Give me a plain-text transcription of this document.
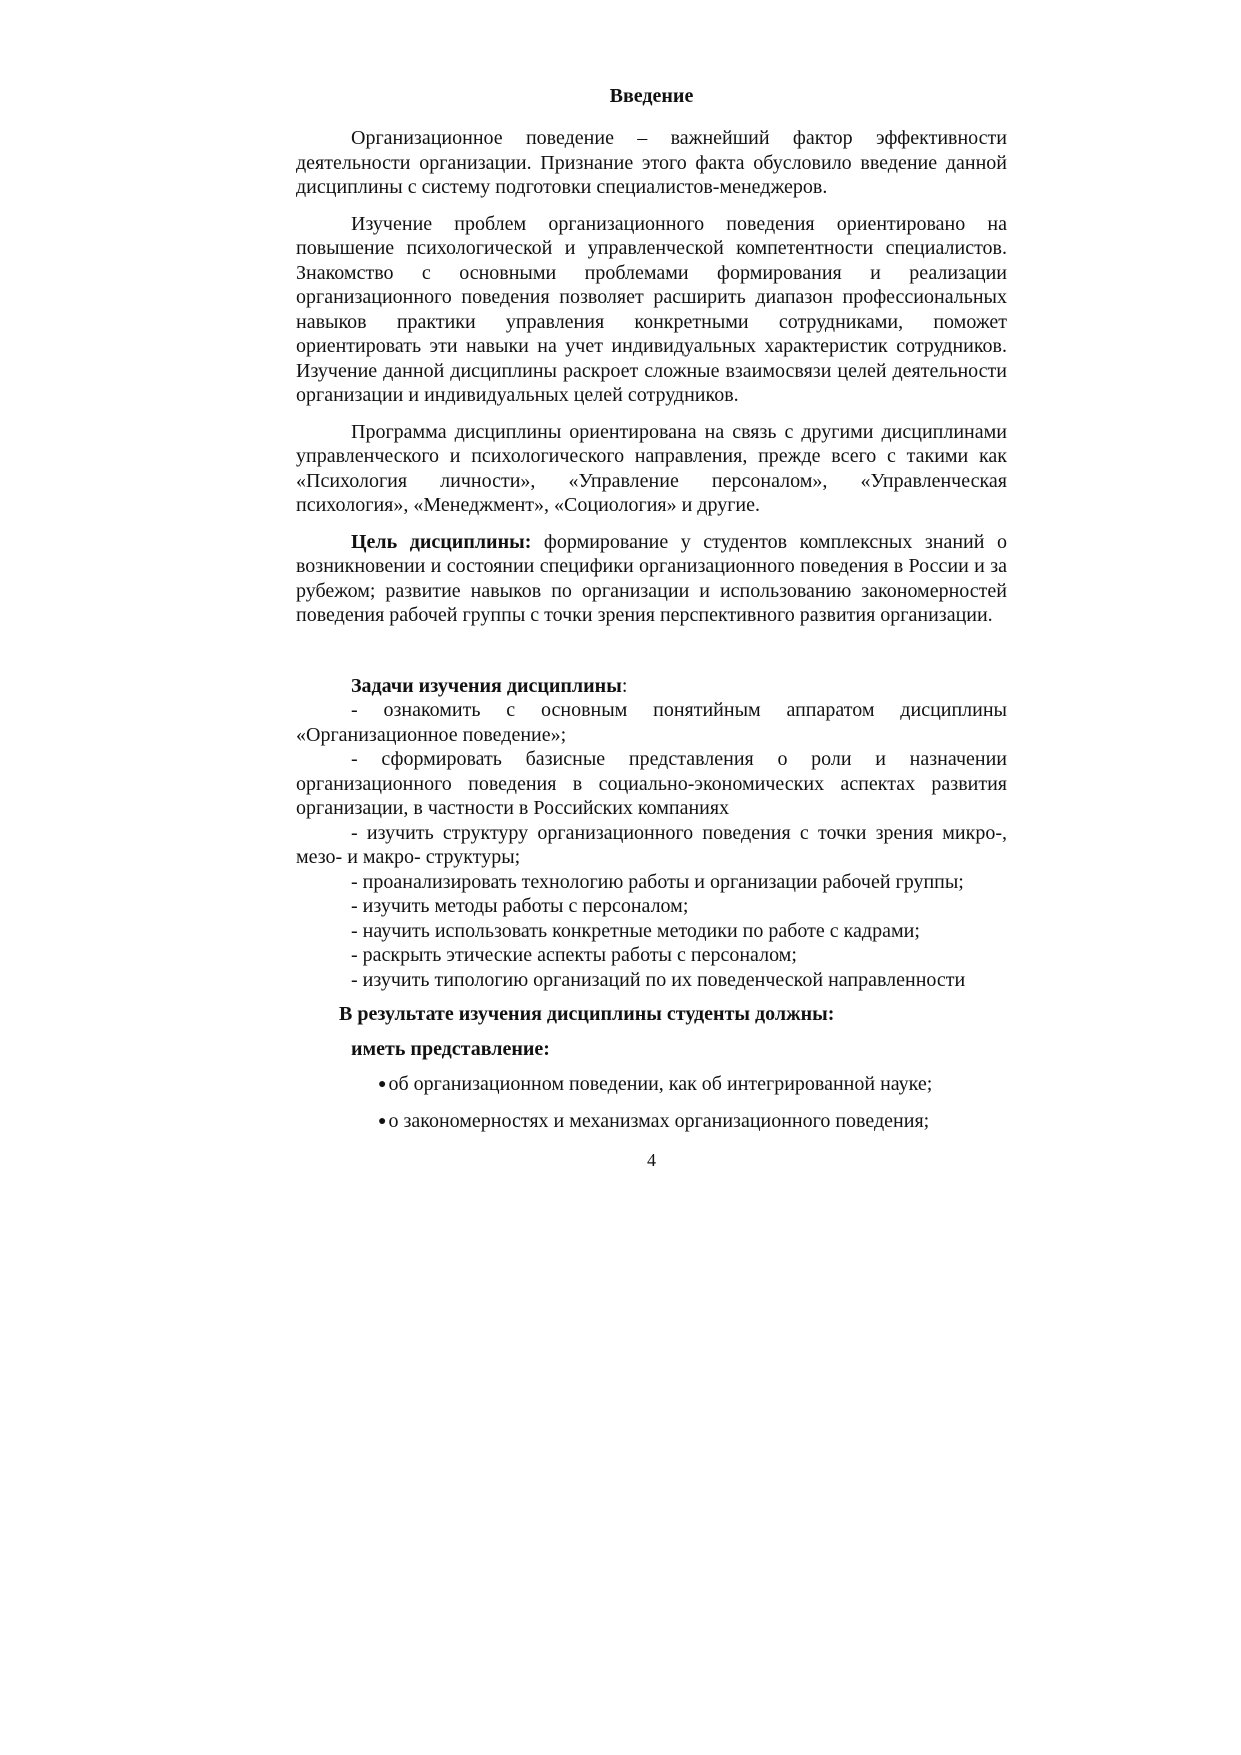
Введение

Организационное поведение – важнейший фактор эффективности деятельности организации. Признание этого факта обусловило введение данной дисциплины с систему подготовки специалистов-менеджеров.

Изучение проблем организационного поведения ориентировано на повышение психологической и управленческой компетентности специалистов. Знакомство с основными проблемами формирования и реализации организационного поведения позволяет расширить диапазон профессиональных навыков практики управления конкретными сотрудниками, поможет ориентировать эти навыки на учет индивидуальных характеристик сотрудников. Изучение данной дисциплины раскроет сложные взаимосвязи целей деятельности организации и индивидуальных целей сотрудников.

Программа дисциплины ориентирована на связь с другими дисциплинами управленческого и психологического направления, прежде всего с такими как «Психология личности», «Управление персоналом», «Управленческая психология», «Менеджмент», «Социология» и другие.

Цель дисциплины: формирование у студентов комплексных знаний о возникновении и состоянии специфики организационного поведения в России и за рубежом; развитие навыков по организации и использованию закономерностей поведения рабочей группы с точки зрения перспективного развития организации.

Задачи изучения дисциплины:

- ознакомить с основным понятийным аппаратом дисциплины «Организационное поведение»;

- сформировать базисные представления о роли и назначении организационного поведения в социально-экономических аспектах развития организации, в частности в Российских компаниях

- изучить структуру организационного поведения с точки зрения микро-, мезо- и макро- структуры;

- проанализировать технологию работы и организации рабочей группы;

- изучить методы работы с персоналом;

- научить использовать конкретные методики по работе с кадрами;

- раскрыть этические аспекты работы с персоналом;

- изучить типологию организаций по их поведенческой направленности

В результате изучения дисциплины студенты должны:
иметь представление:
● об организационном поведении, как об интегрированной науке;
● о закономерностях и механизмах организационного поведения;
4
